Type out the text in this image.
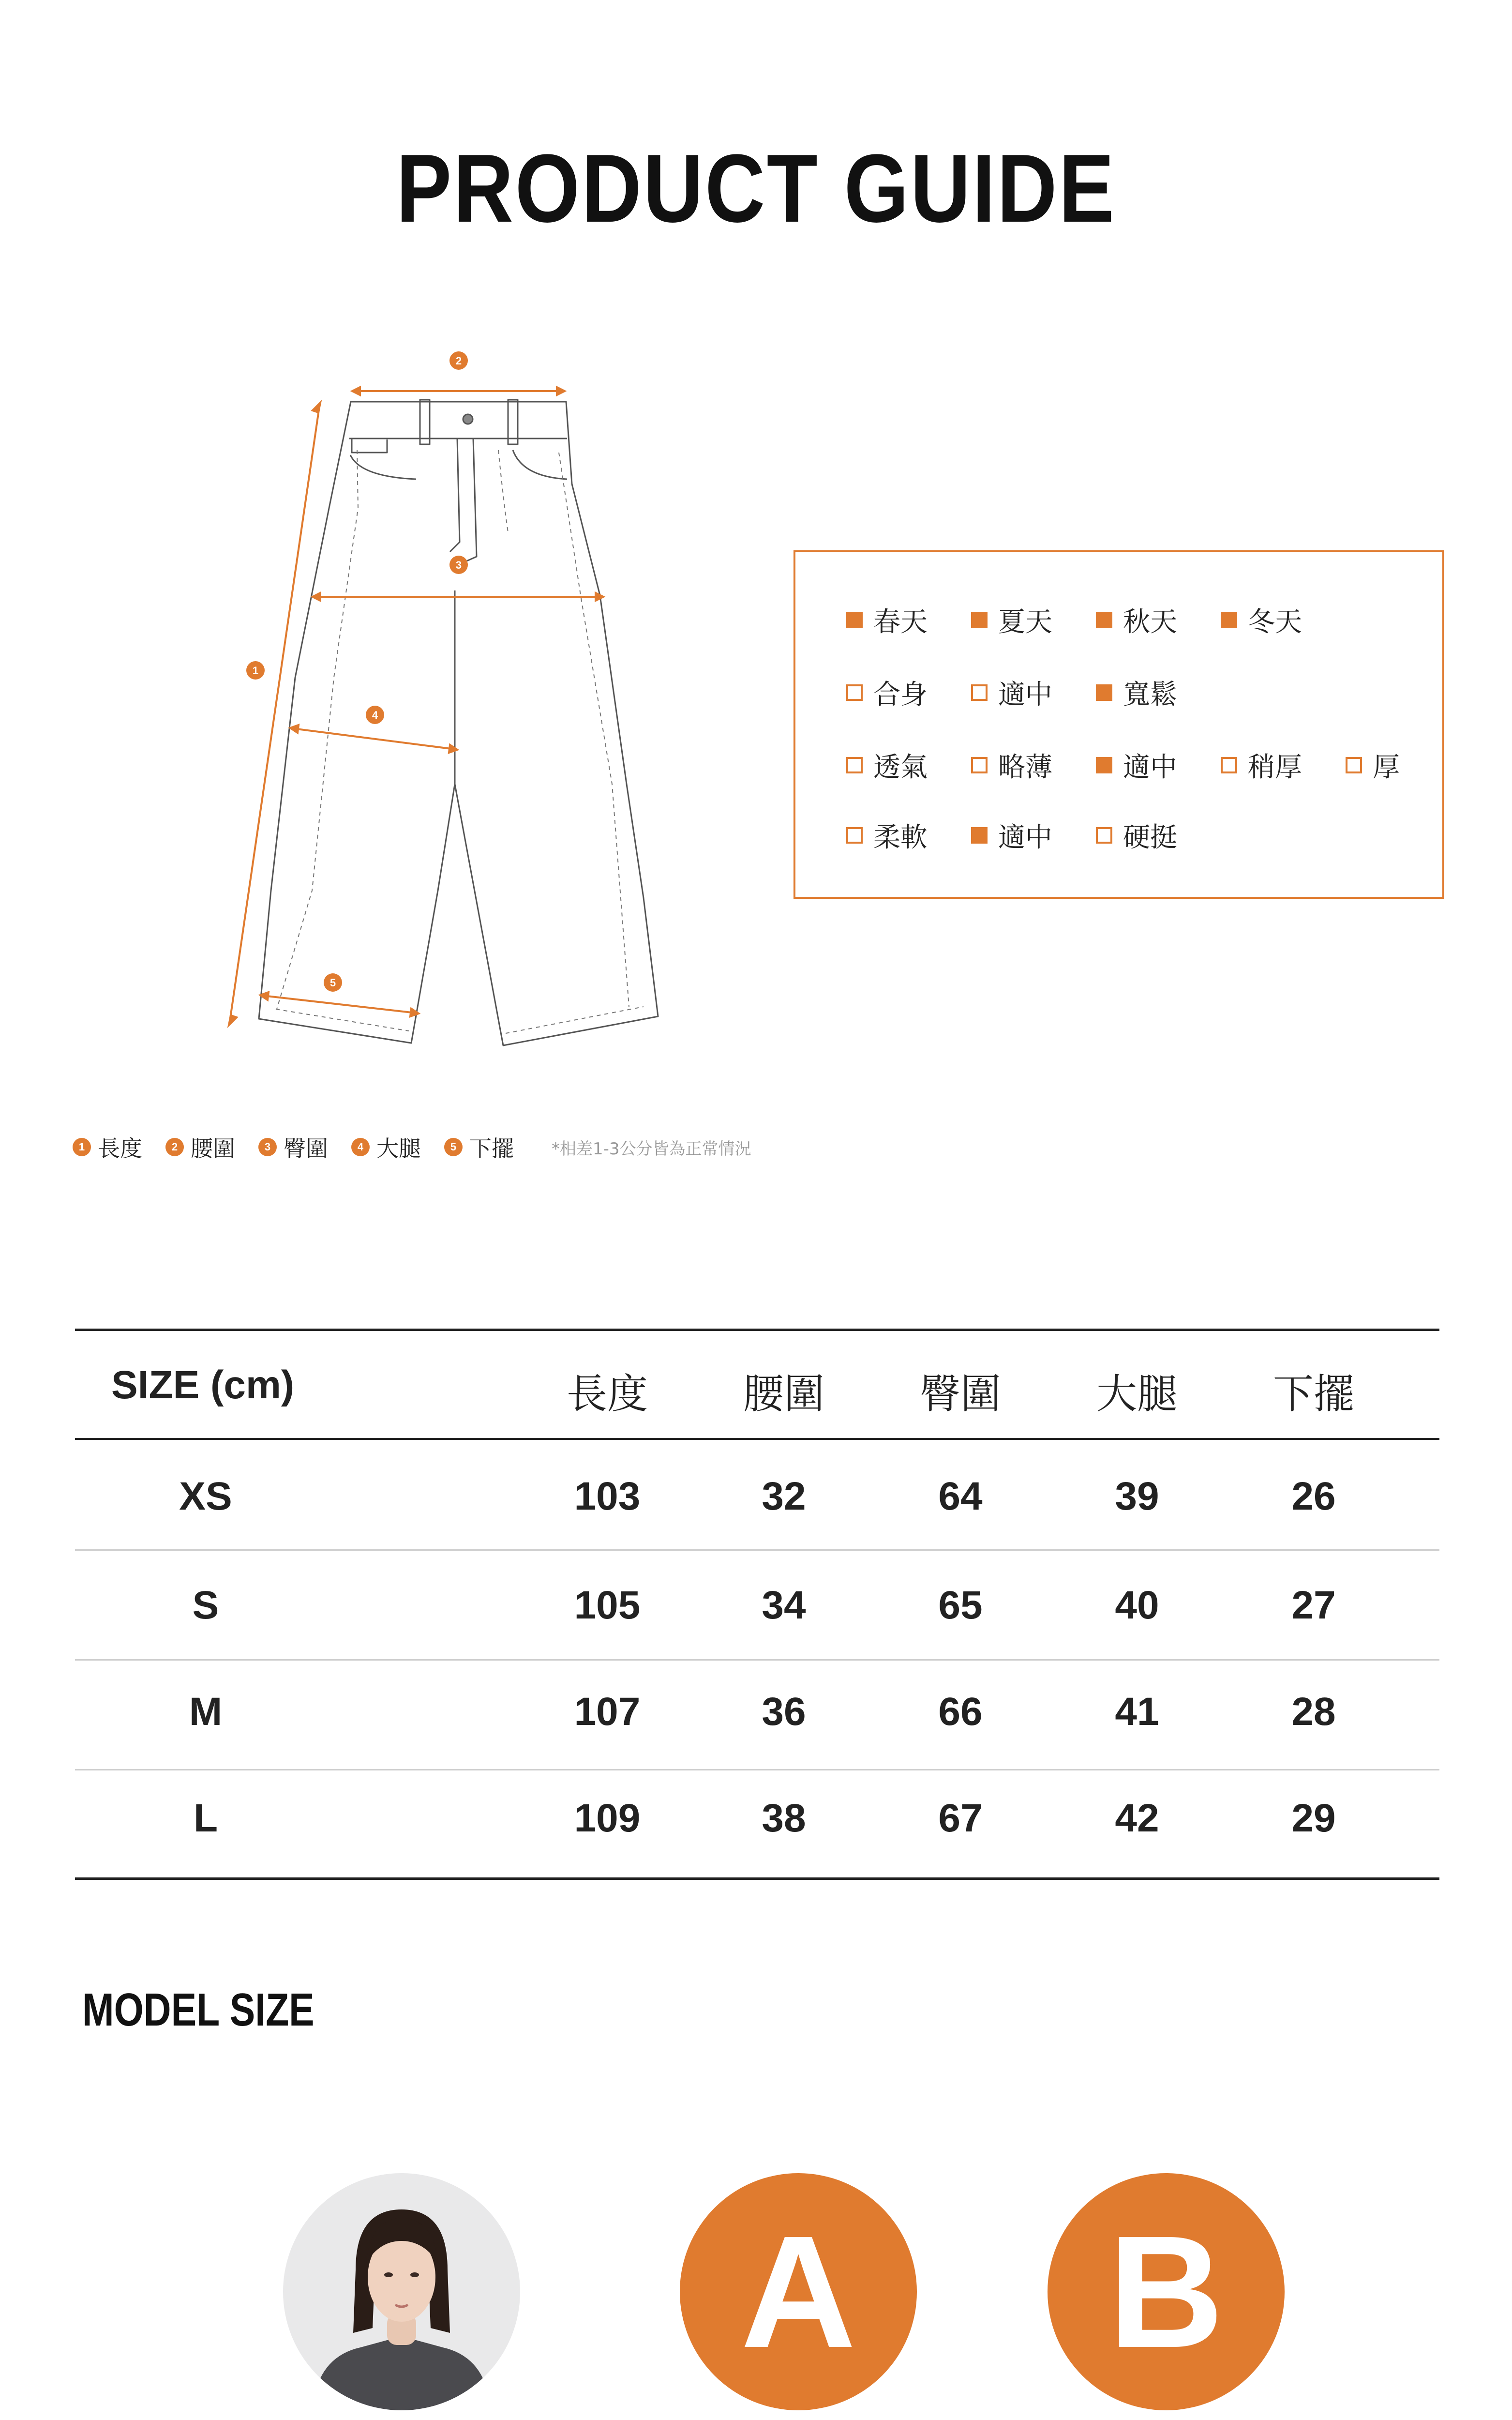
PRODUCT GUIDE
2
1
3
4
5
春天	夏天	秋天	冬天
合身	適中	寬鬆
透氣	略薄	適中	稍厚	厚
柔軟	適中	硬挺
1 長度	2 腰圍	3 臀圍	4 大腿	5 下擺 *相差1-3公分皆為正常情況
SIZE (cm)	長度	腰圍	臀圍	大腿	下擺
XS	103	32	64	39	26
S	105	34	65	40	27
M	107	36	66	41	28
L	109	38	67	42	29
MODEL SIZE
A	B
